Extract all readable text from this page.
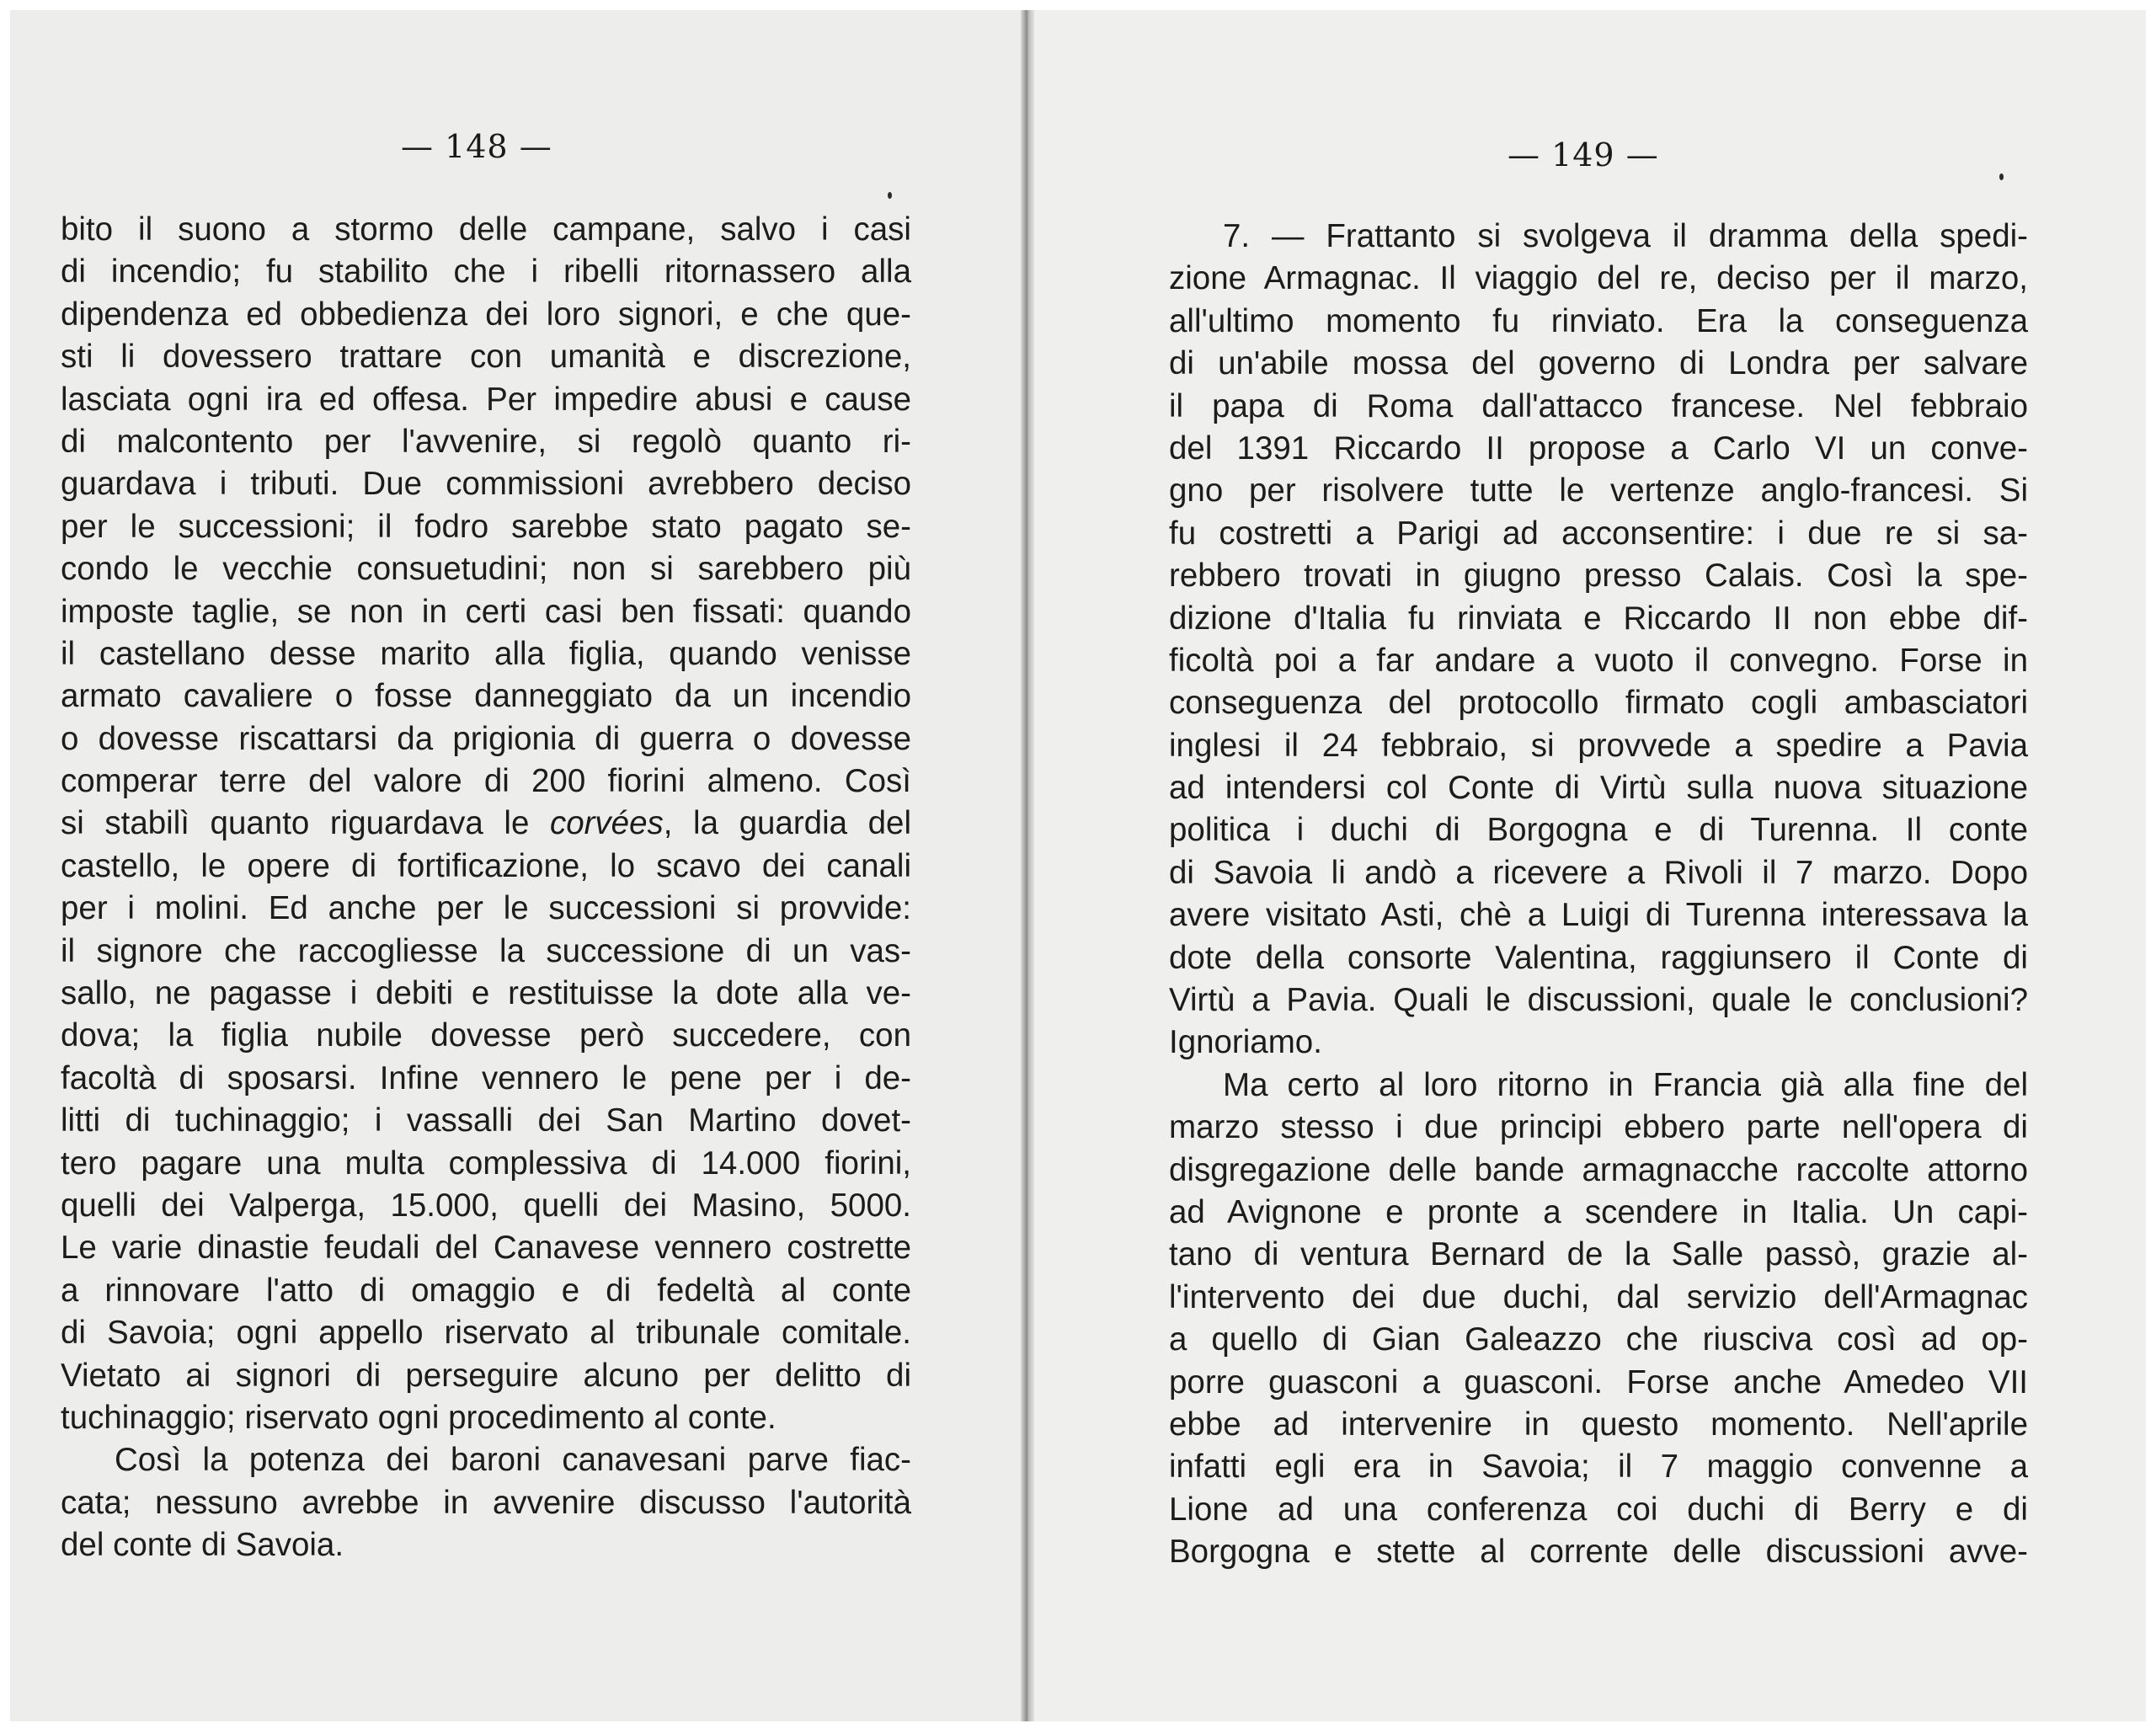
— 148 —	— 149 —
bito il suono a stormo delle campane, salvo i casi
di incendio; fu stabilito che i ribelli ritornassero alla
dipendenza ed obbedienza dei loro signori, e che que-
sti li dovessero trattare con umanità e discrezione,
lasciata ogni ira ed offesa. Per impedire abusi e cause
di malcontento per l'avvenire, si regolò quanto ri-
guardava i tributi. Due commissioni avrebbero deciso
per le successioni; il fodro sarebbe stato pagato se-
condo le vecchie consuetudini; non si sarebbero più
imposte taglie, se non in certi casi ben fissati: quando
il castellano desse marito alla figlia, quando venisse
armato cavaliere o fosse danneggiato da un incendio
o dovesse riscattarsi da prigionia di guerra o dovesse
comperar terre del valore di 200 fiorini almeno. Così
si stabilì quanto riguardava le corvées, la guardia del
castello, le opere di fortificazione, lo scavo dei canali
per i molini. Ed anche per le successioni si provvide:
il signore che raccogliesse la successione di un vas-
sallo, ne pagasse i debiti e restituisse la dote alla ve-
dova; la figlia nubile dovesse però succedere, con
facoltà di sposarsi. Infine vennero le pene per i de-
litti di tuchinaggio; i vassalli dei San Martino dovet-
tero pagare una multa complessiva di 14.000 fiorini,
quelli dei Valperga, 15.000, quelli dei Masino, 5000.
Le varie dinastie feudali del Canavese vennero costrette
a rinnovare l'atto di omaggio e di fedeltà al conte
di Savoia; ogni appello riservato al tribunale comitale.
Vietato ai signori di perseguire alcuno per delitto di
tuchinaggio; riservato ogni procedimento al conte.
Così la potenza dei baroni canavesani parve fiac-
cata; nessuno avrebbe in avvenire discusso l'autorità
del conte di Savoia.
7. — Frattanto si svolgeva il dramma della spedi-
zione Armagnac. Il viaggio del re, deciso per il marzo,
all'ultimo momento fu rinviato. Era la conseguenza
di un'abile mossa del governo di Londra per salvare
il papa di Roma dall'attacco francese. Nel febbraio
del 1391 Riccardo II propose a Carlo VI un conve-
gno per risolvere tutte le vertenze anglo-francesi. Si
fu costretti a Parigi ad acconsentire: i due re si sa-
rebbero trovati in giugno presso Calais. Così la spe-
dizione d'Italia fu rinviata e Riccardo II non ebbe dif-
ficoltà poi a far andare a vuoto il convegno. Forse in
conseguenza del protocollo firmato cogli ambasciatori
inglesi il 24 febbraio, si provvede a spedire a Pavia
ad intendersi col Conte di Virtù sulla nuova situazione
politica i duchi di Borgogna e di Turenna. Il conte
di Savoia li andò a ricevere a Rivoli il 7 marzo. Dopo
avere visitato Asti, chè a Luigi di Turenna interessava la
dote della consorte Valentina, raggiunsero il Conte di
Virtù a Pavia. Quali le discussioni, quale le conclusioni?
Ignoriamo.
Ma certo al loro ritorno in Francia già alla fine del
marzo stesso i due principi ebbero parte nell'opera di
disgregazione delle bande armagnacche raccolte attorno
ad Avignone e pronte a scendere in Italia. Un capi-
tano di ventura Bernard de la Salle passò, grazie al-
l'intervento dei due duchi, dal servizio dell'Armagnac
a quello di Gian Galeazzo che riusciva così ad op-
porre guasconi a guasconi. Forse anche Amedeo VII
ebbe ad intervenire in questo momento. Nell'aprile
infatti egli era in Savoia; il 7 maggio convenne a
Lione ad una conferenza coi duchi di Berry e di
Borgogna e stette al corrente delle discussioni avve-
